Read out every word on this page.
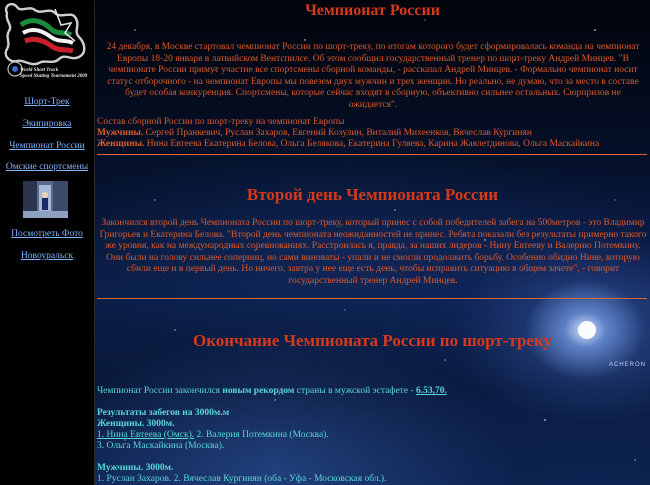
World Short Track
Speed Skating Tournament 2009
Шорт-Трек
Экипировка
Чемпионат России
Омские спортсмены
Посмотреть Фото
Новоуральск
Чемпионат России
24 декабря, в Москве стартовал чемпионат России по шорт-треку, по итогам которого будет сформировалась команда на чемпионат Европы 18-20 января в латвийском Вентспилсе. Об этом сообщил государственный тренер по шорт-треку Андрей Минцев. "В чемпионате России примут участие все спортсмены сборной команды, - рассказал Андрей Минцев. - Формально чемпионат носит статус отборочного - на чемпионат Европы мы повезем двух мужчин и трех женщин. Но реально, не думаю, что за место в составе будет особая конкуренция. Спортсмены, которые сейчас входят в сборную, объективно сильнее остальных. Сюрпризов не ожидается".
Состав сборной России по шорт-треку на чемпионат Европы
Мужчины. Сергей Пранкевич, Руслан Захаров, Евгений Козулин, Виталий Михеенков, Вячеслав Кургинян
Женщины. Нина Евтеева Екатерина Белова, Ольга Белякова, Екатерина Гуляева, Карина Жаялетдинова, Ольга Маскайкина
Второй день Чемпионата России
Закончился второй день Чемпионата России по шорт-треку, который принес с собой победителей забега на 500метров - это Владимир Григорьев и Екатерина Белова. "Второй день чемпионата неожиданностей не принес. Ребята показали без результаты примерно такого же уровня, как на международных соревнованиях. Расстроилась я, правда, за наших лидеров - Нину Евтееву и Валерию Потемкину. Они были на голову сильнее соперниц, но сами виноваты - упали и не смогли продолжить борьбу. Особенно обидно Нине, которую сбили еще и в первый день. Но ничего, завтра у нее еще есть день, чтобы исправить ситуацию в общем зачете", - говорит государственный тренер Андрей Минцев.
Окончание Чемпионата России по шорт-треку
Чемпионат России закончился новым рекордом страны в мужской эстафете - 6.53,70.
Результаты забегов на 3000м.м
Женщины. 3000м.
1. Нина Евтеева (Омск). 2. Валерия Потемкина (Москва).
3. Ольга Маскайкина (Москва).
Мужчины. 3000м.
1. Руслан Захаров. 2. Вячеслав Кургинян (оба - Уфа - Московская обл.).
ACHERON
